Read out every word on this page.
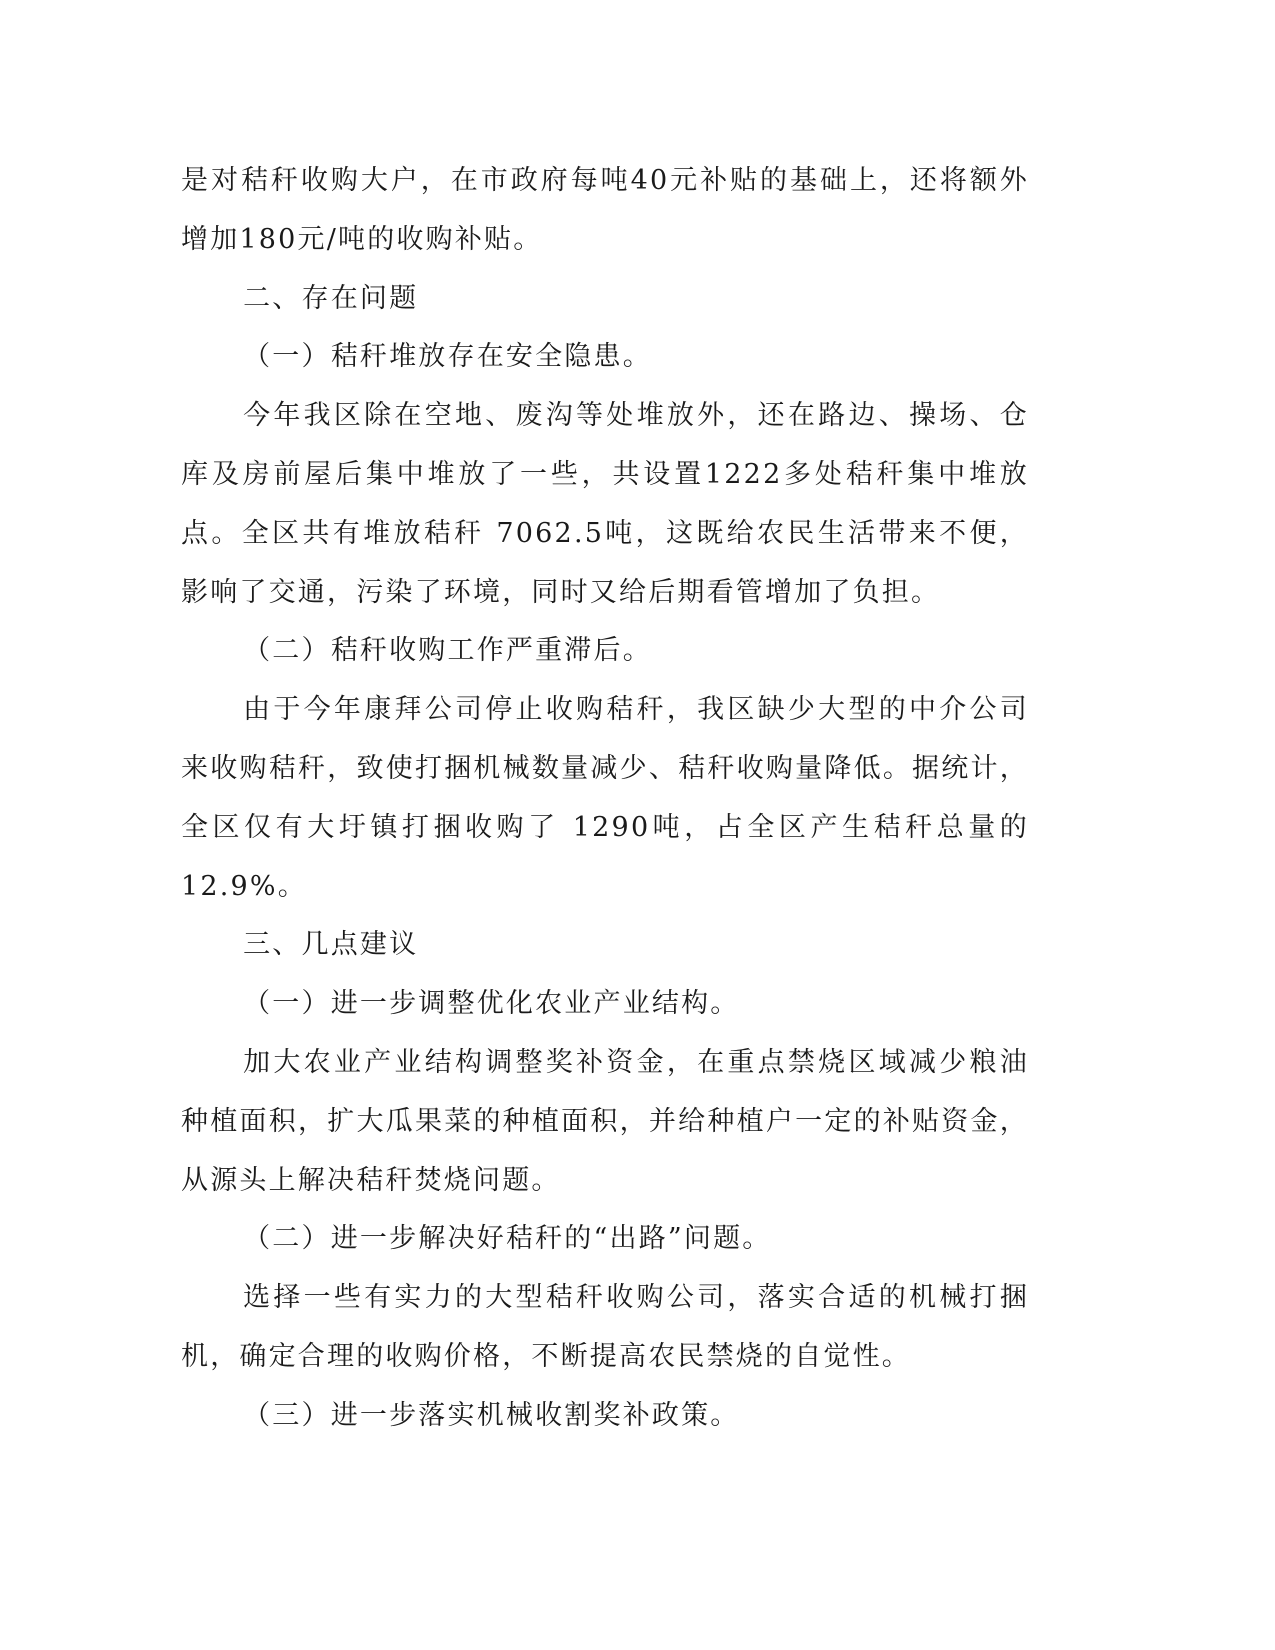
是对秸秆收购大户，在市政府每吨40元补贴的基础上，还将额外增加180元/吨的收购补贴。

二、存在问题

（一）秸秆堆放存在安全隐患。

今年我区除在空地、废沟等处堆放外，还在路边、操场、仓库及房前屋后集中堆放了一些，共设置1222多处秸秆集中堆放点。全区共有堆放秸秆 7062.5吨，这既给农民生活带来不便，影响了交通，污染了环境，同时又给后期看管增加了负担。

（二）秸秆收购工作严重滞后。

由于今年康拜公司停止收购秸秆，我区缺少大型的中介公司来收购秸秆，致使打捆机械数量减少、秸秆收购量降低。据统计，全区仅有大圩镇打捆收购了 1290吨，占全区产生秸秆总量的 12.9%。

三、几点建议

（一）进一步调整优化农业产业结构。

加大农业产业结构调整奖补资金，在重点禁烧区域减少粮油种植面积，扩大瓜果菜的种植面积，并给种植户一定的补贴资金，从源头上解决秸秆焚烧问题。

（二）进一步解决好秸秆的“出路”问题。

选择一些有实力的大型秸秆收购公司，落实合适的机械打捆机，确定合理的收购价格，不断提高农民禁烧的自觉性。

（三）进一步落实机械收割奖补政策。
